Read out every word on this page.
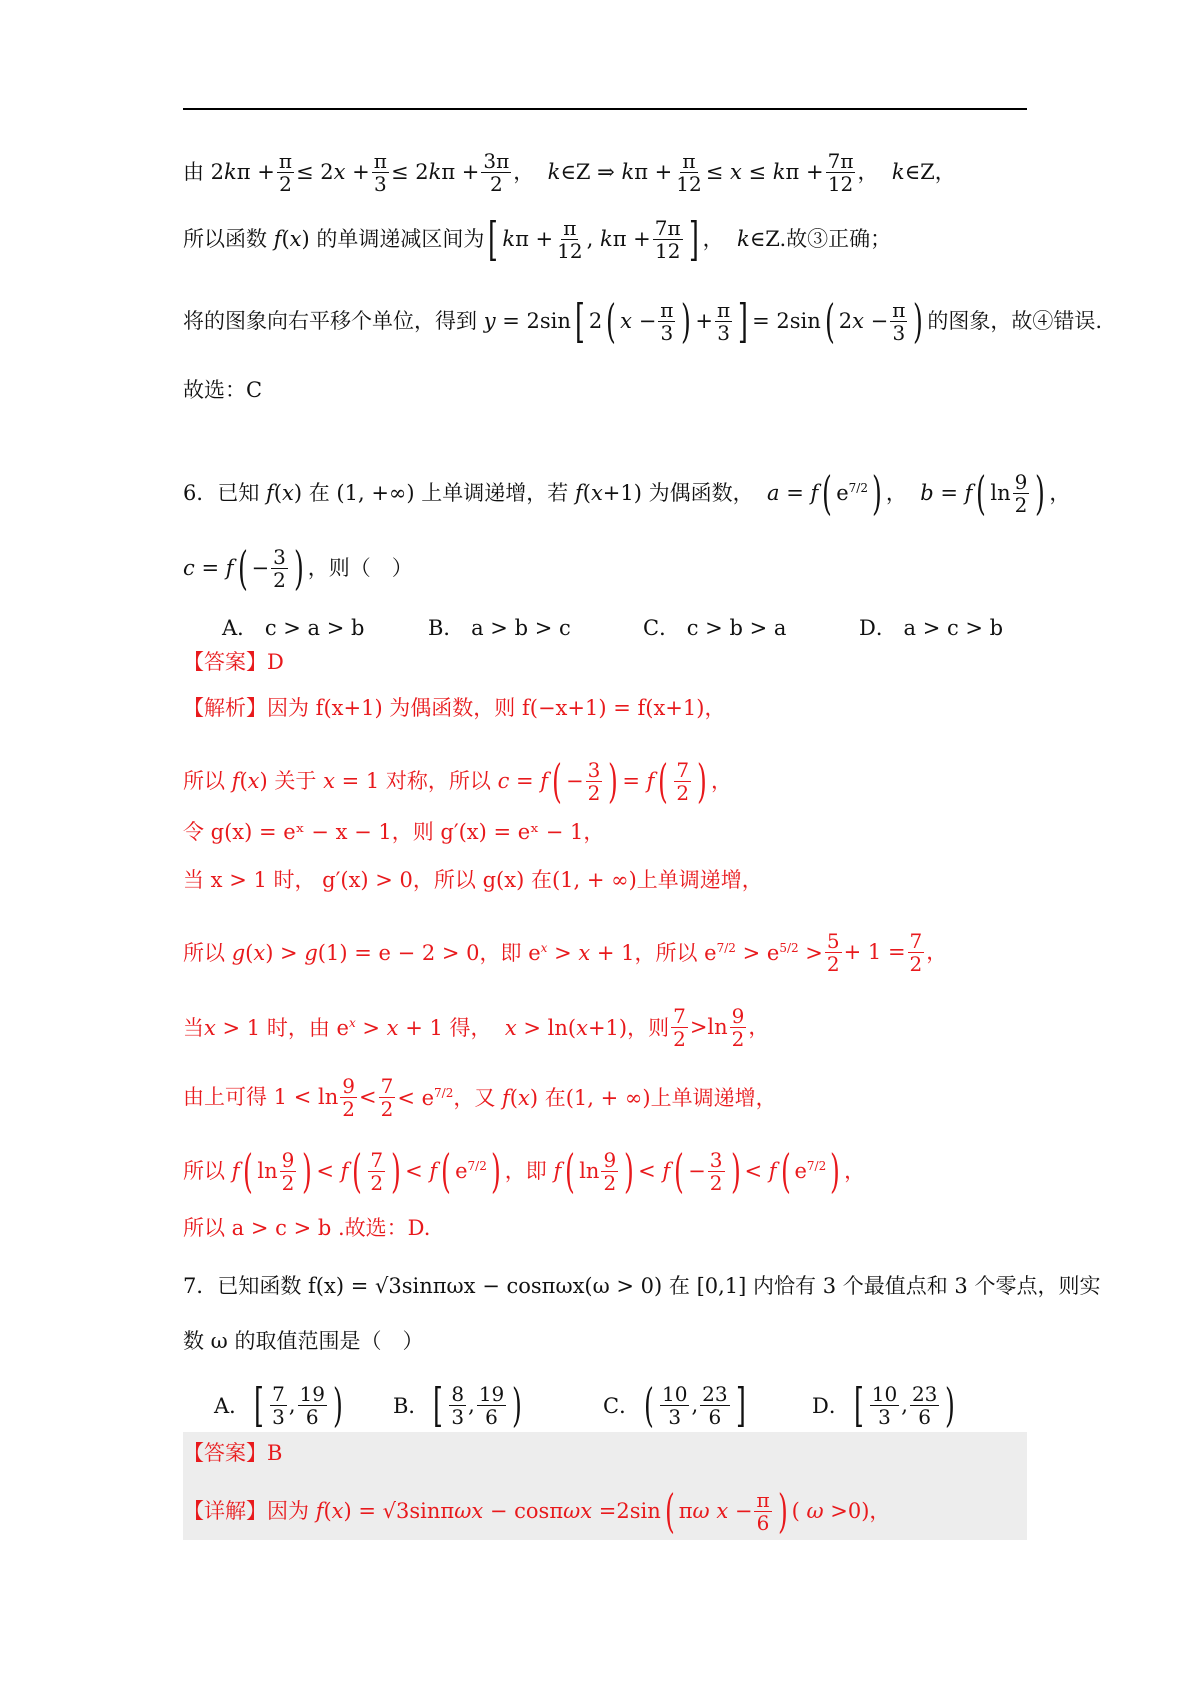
由 $2k\pi + \frac{\pi}{2} \le 2x + \frac{\pi}{3} \le 2k\pi + \frac{3\pi}{2}$ ，  k∈Z ⇒ $k\pi + \frac{\pi}{12} \le x \le k\pi + \frac{7\pi}{12}$ ，  k∈Z，
所以函数 f(x) 的单调递减区间为 [ $k\pi + \frac{\pi}{12}$ , $k\pi + \frac{7\pi}{12}$ ] ，  k∈Z.故③正确；
将的图象向右平移个单位，得到 y = 2sin [ 2 ( $x - \frac{\pi}{3}$ ) + $\frac{\pi}{3}$ ] = 2sin ( $2x - \frac{\pi}{3}$ ) 的图象，故④错误.
故选：C
6．已知 f(x) 在 (1, +∞) 上单调递增，若 f(x+1) 为偶函数，  a = f ( $e^{7/2}$ ) ，  b = f ( $\ln \frac{9}{2}$ ) ，
c = f ( − $\frac{3}{2}$ ) ，则（　）
A． c > a > b	B． a > b > c	C． c > b > a	D． a > c > b
【答案】D
【解析】因为 f(x+1) 为偶函数，则 f(−x+1) = f(x+1)，
所以 f(x) 关于 x = 1 对称，所以 c = f ( − $\frac{3}{2}$ ) = f ( $\frac{7}{2}$ ) ，
令 g(x) = eˣ − x − 1，则 g′(x) = eˣ − 1，
当 x > 1 时， g′(x) > 0，所以 g(x) 在(1, + ∞)上单调递增，
所以 g(x) > g(1) = e − 2 > 0，即 $e^x > x + 1$，所以 $e^{7/2} > e^{5/2} > \frac{5}{2} + 1 = \frac{7}{2}$ ，
当x > 1 时，由 $e^x > x + 1$ 得，  x > ln(x+1)，则 $\frac{7}{2} >\ln \frac{9}{2}$ ，
由上可得 $1 < \ln \frac{9}{2} < \frac{7}{2} < e^{7/2}$，又 f(x) 在(1, + ∞)上单调递增，
所以 f ( $\ln \frac{9}{2}$ ) < f ( $\frac{7}{2}$ ) < f ( $e^{7/2}$ ) ，即 f ( $\ln \frac{9}{2}$ ) < f ( − $\frac{3}{2}$ ) < f ( $e^{7/2}$ ) ，
所以 a > c > b .故选：D.
7．已知函数 f(x) = √3sinπωx − cosπωx(ω > 0) 在 [0,1] 内恰有 3 个最值点和 3 个零点，则实
数 ω 的取值范围是（　）
A． [ $\frac{7}{3}$ , $\frac{19}{6}$ ) B． [ $\frac{8}{3}$ , $\frac{19}{6}$ )	C． ( $\frac{10}{3}$ , $\frac{23}{6}$ ]	D． [ $\frac{10}{3}$ , $\frac{23}{6}$ )
【答案】B
【详解】因为 f(x) = √3sinπωx − cosπωx =2sin ( πω $x - \frac{\pi}{6}$ ) ( ω >0)，
